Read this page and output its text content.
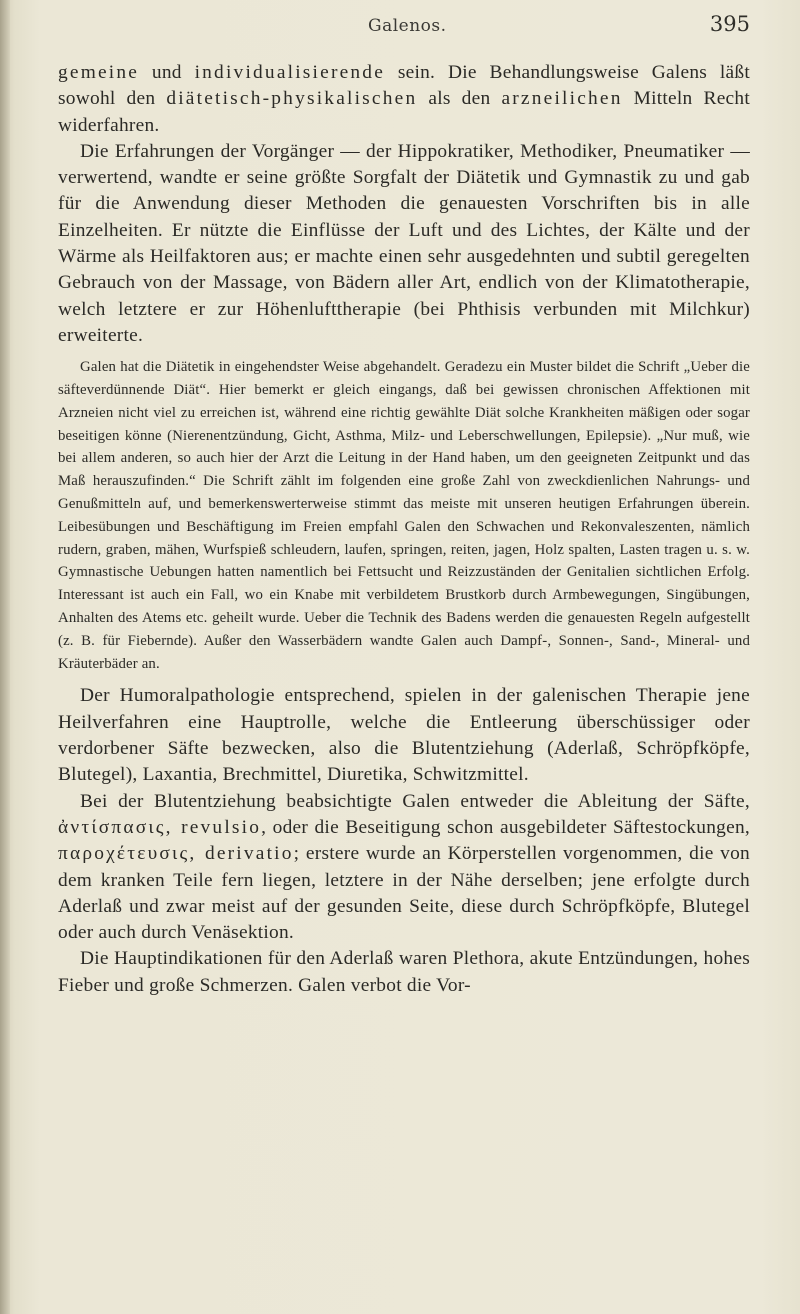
Galenos.	395

gemeine und individualisierende sein. Die Behandlungsweise Galens läßt sowohl den diätetisch-physikalischen als den arzneilichen Mitteln Recht widerfahren.

Die Erfahrungen der Vorgänger — der Hippokratiker, Methodiker, Pneumatiker — verwertend, wandte er seine größte Sorgfalt der Diätetik und Gymnastik zu und gab für die Anwendung dieser Methoden die genauesten Vorschriften bis in alle Einzelheiten. Er nützte die Einflüsse der Luft und des Lichtes, der Kälte und der Wärme als Heilfaktoren aus; er machte einen sehr ausgedehnten und subtil geregelten Gebrauch von der Massage, von Bädern aller Art, endlich von der Klimatotherapie, welch letztere er zur Höhenlufttherapie (bei Phthisis verbunden mit Milchkur) erweiterte.

Galen hat die Diätetik in eingehendster Weise abgehandelt. Geradezu ein Muster bildet die Schrift „Ueber die säfteverdünnende Diät“. Hier bemerkt er gleich eingangs, daß bei gewissen chronischen Affektionen mit Arzneien nicht viel zu erreichen ist, während eine richtig gewählte Diät solche Krankheiten mäßigen oder sogar beseitigen könne (Nierenentzündung, Gicht, Asthma, Milz- und Leberschwellungen, Epilepsie). „Nur muß, wie bei allem anderen, so auch hier der Arzt die Leitung in der Hand haben, um den geeigneten Zeitpunkt und das Maß herauszufinden.“ Die Schrift zählt im folgenden eine große Zahl von zweckdienlichen Nahrungs- und Genußmitteln auf, und bemerkenswerterweise stimmt das meiste mit unseren heutigen Erfahrungen überein. Leibesübungen und Beschäftigung im Freien empfahl Galen den Schwachen und Rekonvaleszenten, nämlich rudern, graben, mähen, Wurfspieß schleudern, laufen, springen, reiten, jagen, Holz spalten, Lasten tragen u. s. w. Gymnastische Uebungen hatten namentlich bei Fettsucht und Reizzuständen der Genitalien sichtlichen Erfolg. Interessant ist auch ein Fall, wo ein Knabe mit verbildetem Brustkorb durch Armbewegungen, Singübungen, Anhalten des Atems etc. geheilt wurde. Ueber die Technik des Badens werden die genauesten Regeln aufgestellt (z. B. für Fiebernde). Außer den Wasserbädern wandte Galen auch Dampf-, Sonnen-, Sand-, Mineral- und Kräuterbäder an.

Der Humoralpathologie entsprechend, spielen in der galenischen Therapie jene Heilverfahren eine Hauptrolle, welche die Entleerung überschüssiger oder verdorbener Säfte bezwecken, also die Blutentziehung (Aderlaß, Schröpfköpfe, Blutegel), Laxantia, Brechmittel, Diuretika, Schwitzmittel.

Bei der Blutentziehung beabsichtigte Galen entweder die Ableitung der Säfte, ἀντίσπασις, revulsio, oder die Beseitigung schon ausgebildeter Säftestockungen, παροχέτευσις, derivatio; erstere wurde an Körperstellen vorgenommen, die von dem kranken Teile fern liegen, letztere in der Nähe derselben; jene erfolgte durch Aderlaß und zwar meist auf der gesunden Seite, diese durch Schröpfköpfe, Blutegel oder auch durch Venäsektion.

Die Hauptindikationen für den Aderlaß waren Plethora, akute Entzündungen, hohes Fieber und große Schmerzen. Galen verbot die Vor-
